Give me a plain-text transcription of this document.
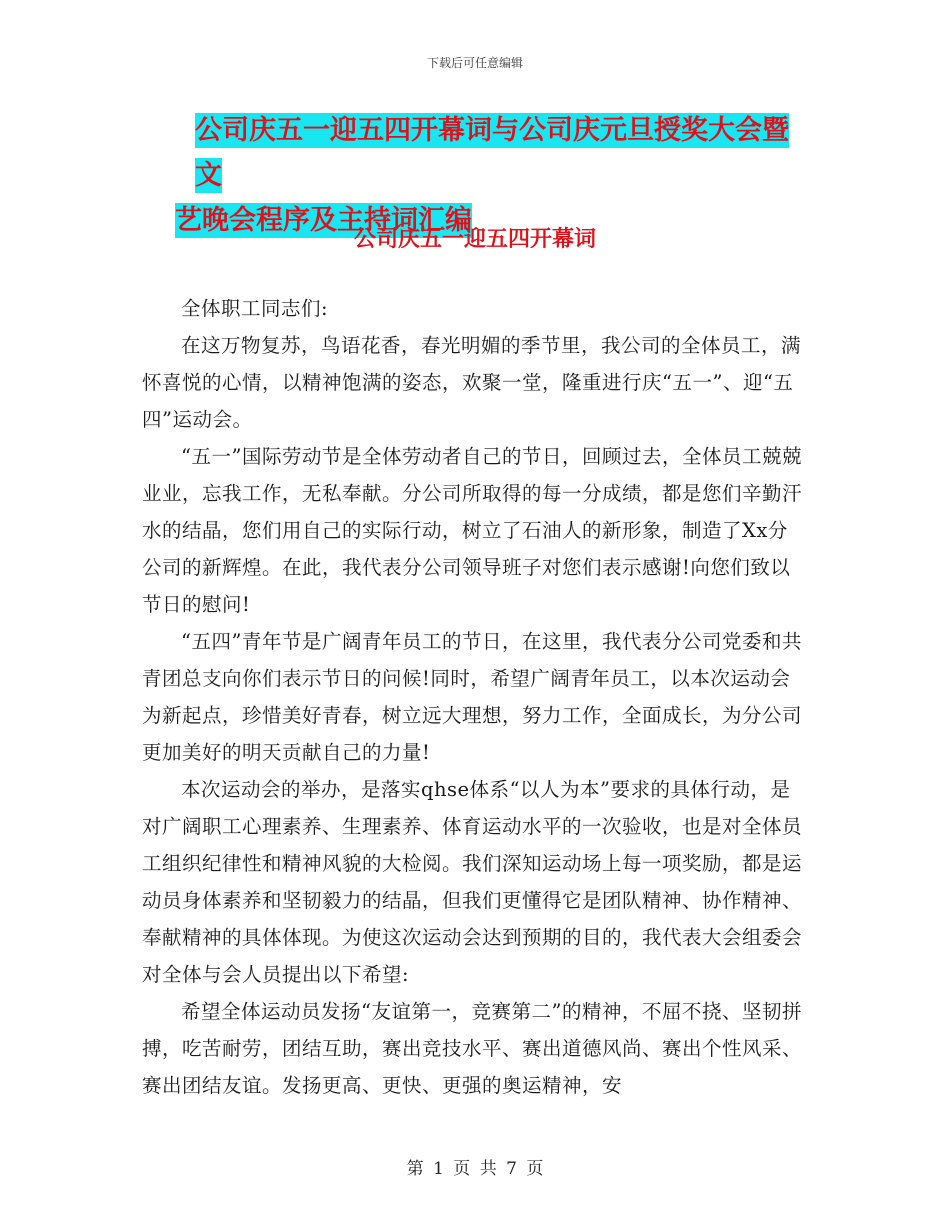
下载后可任意编辑
公司庆五一迎五四开幕词与公司庆元旦授奖大会暨文
艺晚会程序及主持词汇编
公司庆五一迎五四开幕词

全体职工同志们:

在这万物复苏，鸟语花香，春光明媚的季节里，我公司的全体员工，满怀喜悦的心情，以精神饱满的姿态，欢聚一堂，隆重进行庆“五一”、迎“五四”运动会。

“五一”国际劳动节是全体劳动者自己的节日，回顾过去，全体员工兢兢业业，忘我工作，无私奉献。分公司所取得的每一分成绩，都是您们辛勤汗水的结晶，您们用自己的实际行动，树立了石油人的新形象，制造了Xx分公司的新辉煌。在此，我代表分公司领导班子对您们表示感谢!向您们致以节日的慰问!

“五四”青年节是广阔青年员工的节日，在这里，我代表分公司党委和共青团总支向你们表示节日的问候!同时，希望广阔青年员工，以本次运动会为新起点，珍惜美好青春，树立远大理想，努力工作，全面成长，为分公司更加美好的明天贡献自己的力量!

本次运动会的举办，是落实qhse体系“以人为本”要求的具体行动，是对广阔职工心理素养、生理素养、体育运动水平的一次验收，也是对全体员工组织纪律性和精神风貌的大检阅。我们深知运动场上每一项奖励，都是运动员身体素养和坚韧毅力的结晶，但我们更懂得它是团队精神、协作精神、奉献精神的具体体现。为使这次运动会达到预期的目的，我代表大会组委会对全体与会人员提出以下希望:

希望全体运动员发扬“友谊第一，竞赛第二”的精神，不屈不挠、坚韧拼搏，吃苦耐劳，团结互助，赛出竞技水平、赛出道德风尚、赛出个性风采、赛出团结友谊。发扬更高、更快、更强的奥运精神，安

第 1 页 共 7 页
